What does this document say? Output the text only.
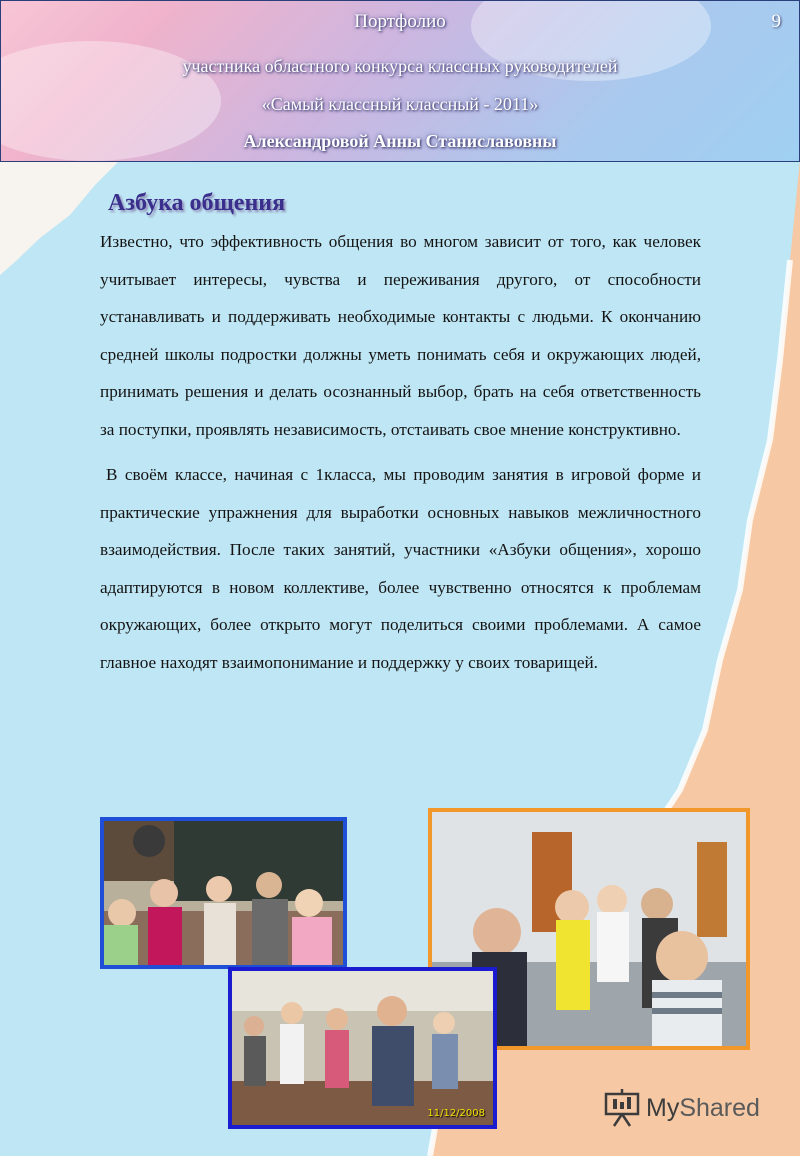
Портфолио	9
участника областного конкурса классных руководителей
«Самый классный классный - 2011»
Александровой Анны Станиславовны
Азбука общения

Известно, что эффективность общения во многом зависит от того, как человек учитывает интересы, чувства и переживания другого, от способности устанавливать и поддерживать необходимые контакты с людьми. К окончанию средней школы подростки должны уметь понимать себя и окружающих людей, принимать решения и делать осознанный выбор, брать на себя ответственность за поступки, проявлять независимость, отстаивать свое мнение конструктивно.

В своём классе, начиная с 1класса, мы проводим занятия в игровой форме и практические упражнения для выработки основных навыков межличностного взаимодействия. После таких занятий, участники «Азбуки общения», хорошо адаптируются в новом коллективе, более чувственно относятся к проблемам окружающих, более открыто могут поделиться своими проблемами. А самое главное находят взаимопонимание и поддержку у своих товарищей.

11/12/2008	My Shared
